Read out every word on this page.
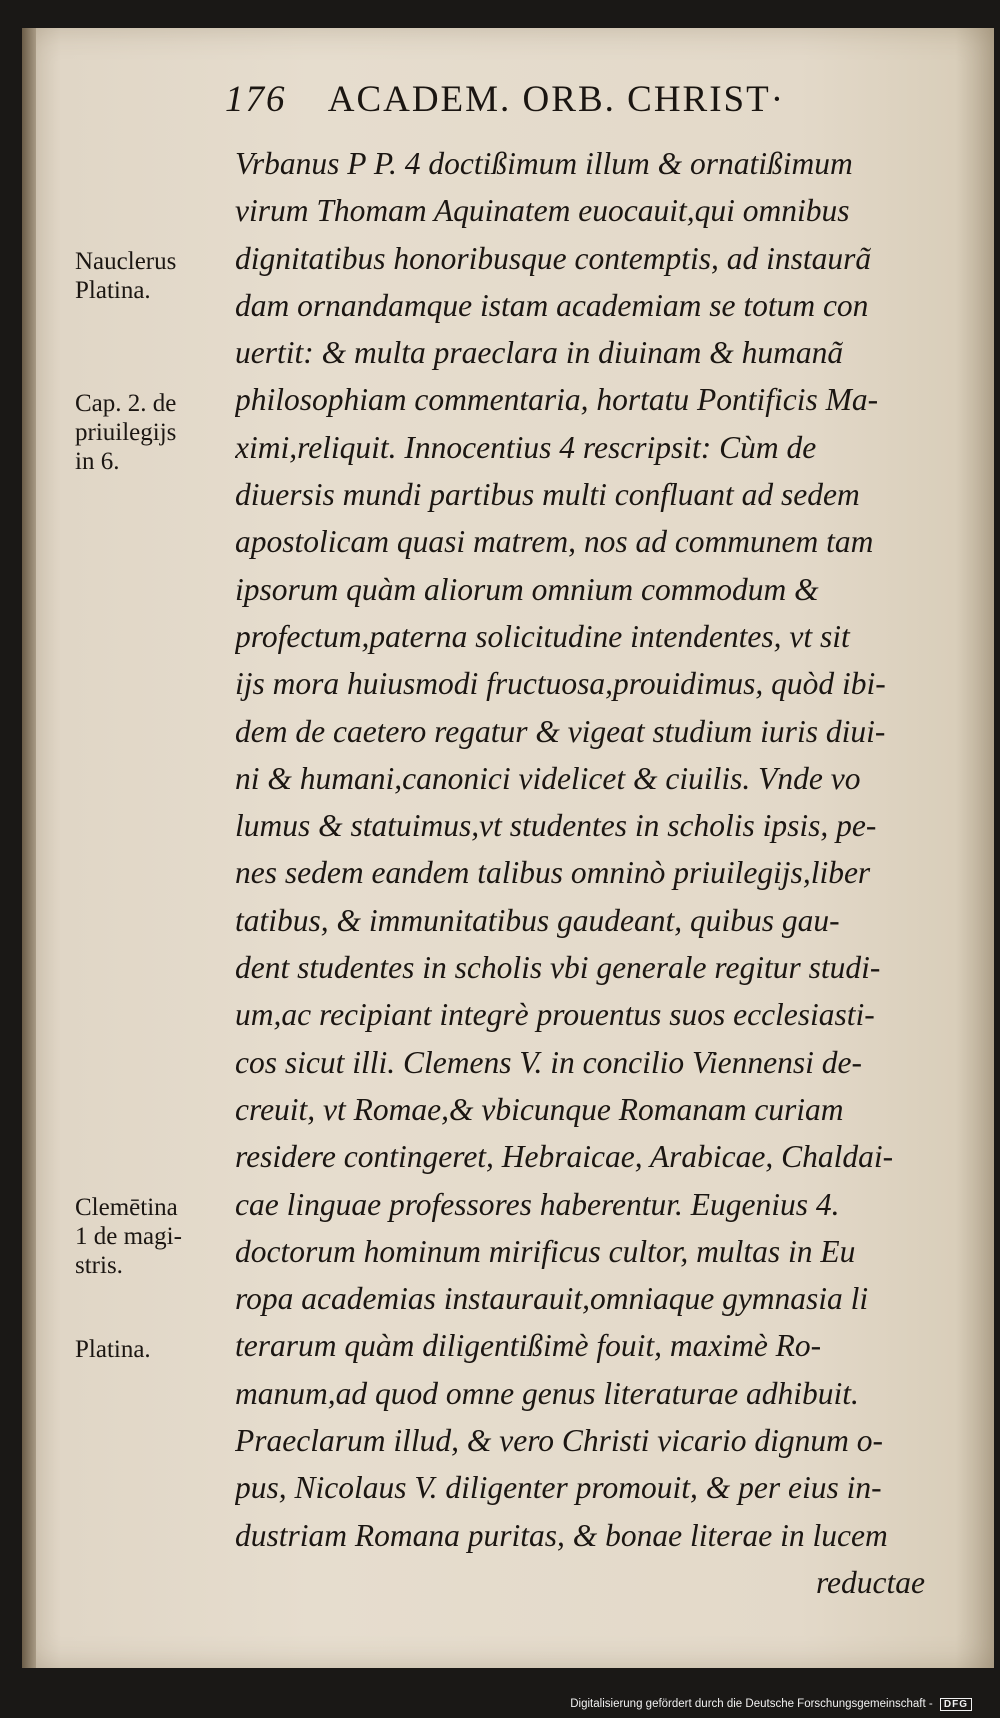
176 ACADEM. ORB. CHRIST·
Nauclerus
Platina.
Cap. 2. de
priuilegijs
in 6.
Clemētina
1 de magi-
stris.
Platina.
Vrbanus P P. 4 doctißimum illum & ornatißimum
virum Thomam Aquinatem euocauit,qui omnibus
dignitatibus honoribusque contemptis, ad instaurã
dam ornandamque istam academiam se totum con
uertit: & multa praeclara in diuinam & humanã
philosophiam commentaria, hortatu Pontificis Ma-
ximi,reliquit. Innocentius 4 rescripsit: Cùm de
diuersis mundi partibus multi confluant ad sedem
apostolicam quasi matrem, nos ad communem tam
ipsorum quàm aliorum omnium commodum &
profectum,paterna solicitudine intendentes, vt sit
ijs mora huiusmodi fructuosa,prouidimus, quòd ibi-
dem de caetero regatur & vigeat studium iuris diui-
ni & humani,canonici videlicet & ciuilis. Vnde vo
lumus & statuimus,vt studentes in scholis ipsis, pe-
nes sedem eandem talibus omninò priuilegijs,liber
tatibus, & immunitatibus gaudeant, quibus gau-
dent studentes in scholis vbi generale regitur studi-
um,ac recipiant integrè prouentus suos ecclesiasti-
cos sicut illi. Clemens V. in concilio Viennensi de-
creuit, vt Romae,& vbicunque Romanam curiam
residere contingeret, Hebraicae, Arabicae, Chaldai-
cae linguae professores haberentur. Eugenius 4.
doctorum hominum mirificus cultor, multas in Eu
ropa academias instaurauit,omniaque gymnasia li
terarum quàm diligentißimè fouit, maximè Ro-
manum,ad quod omne genus literaturae adhibuit.
Praeclarum illud, & vero Christi vicario dignum o-
pus, Nicolaus V. diligenter promouit, & per eius in-
dustriam Romana puritas, & bonae literae in lucem
reductae
Digitalisierung gefördert durch die Deutsche Forschungsgemeinschaft - DFG
